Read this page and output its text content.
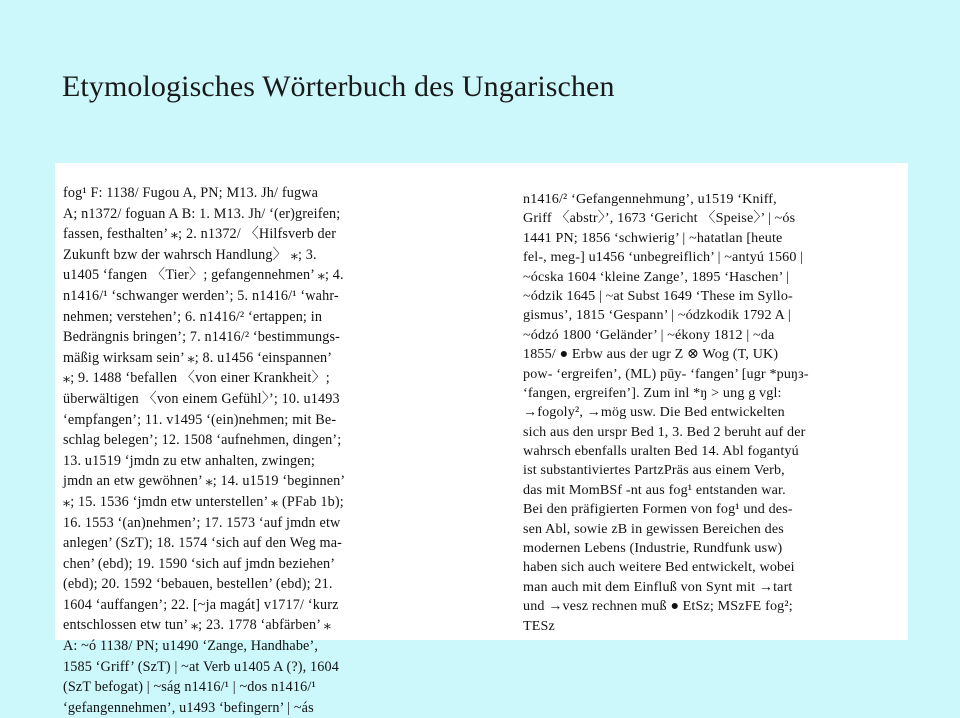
Etymologisches Wörterbuch des Ungarischen
fog¹ F: 1138/ Fugou A, PN; M13. Jh/ fugwa
A; n1372/ foguan A B: 1. M13. Jh/ ‘(er)greifen;
fassen, festhalten’ ⁎; 2. n1372/ 〈Hilfsverb der
Zukunft bzw der wahrsch Handlung〉 ⁎; 3.
u1405 ‘fangen 〈Tier〉; gefangennehmen’ ⁎; 4.
n1416/¹ ‘schwanger werden’; 5. n1416/¹ ‘wahr-
nehmen; verstehen’; 6. n1416/² ‘ertappen; in
Bedrängnis bringen’; 7. n1416/² ‘bestimmungs-
mäßig wirksam sein’ ⁎; 8. u1456 ‘einspannen’
⁎; 9. 1488 ‘befallen 〈von einer Krankheit〉;
überwältigen 〈von einem Gefühl〉’; 10. u1493
‘empfangen’; 11. v1495 ‘(ein)nehmen; mit Be-
schlag belegen’; 12. 1508 ‘aufnehmen, dingen’;
13. u1519 ‘jmdn zu etw anhalten, zwingen;
jmdn an etw gewöhnen’ ⁎; 14. u1519 ‘beginnen’
⁎; 15. 1536 ‘jmdn etw unterstellen’ ⁎ (PFab 1b);
16. 1553 ‘(an)nehmen’; 17. 1573 ‘auf jmdn etw
anlegen’ (SzT); 18. 1574 ‘sich auf den Weg ma-
chen’ (ebd); 19. 1590 ‘sich auf jmdn beziehen’
(ebd); 20. 1592 ‘bebauen, bestellen’ (ebd); 21.
1604 ‘auffangen’; 22. [~ja magát] v1717/ ‘kurz
entschlossen etw tun’ ⁎; 23. 1778 ‘abfärben’ ⁎
A: ~ó 1138/ PN; u1490 ‘Zange, Handhabe’,
1585 ‘Griff’ (SzT) | ~at Verb u1405 A (?), 1604
(SzT befogat) | ~ság n1416/¹ | ~dos n1416/¹
‘gefangennehmen’, u1493 ‘befingern’ | ~ás
n1416/² ‘Gefangennehmung’, u1519 ‘Kniff,
Griff 〈abstr〉’, 1673 ‘Gericht 〈Speise〉’ | ~ós
1441 PN; 1856 ‘schwierig’ | ~hatatlan [heute
fel-, meg-] u1456 ‘unbegreiflich’ | ~antyú 1560 |
~ócska 1604 ‘kleine Zange’, 1895 ‘Haschen’ |
~ódzik 1645 | ~at Subst 1649 ‘These im Syllo-
gismus’, 1815 ‘Gespann’ | ~ódzkodik 1792 A |
~ódzó 1800 ‘Geländer’ | ~ékony 1812 | ~da
1855/ ● Erbw aus der ugr Z ⊗ Wog (T, UK)
pow- ‘ergreifen’, (ML) pūy- ‘fangen’ [ugr *puŋз-
‘fangen, ergreifen’]. Zum inl *ŋ > ung g vgl:
→fogoly², →mög usw. Die Bed entwickelten
sich aus den urspr Bed 1, 3. Bed 2 beruht auf der
wahrsch ebenfalls uralten Bed 14. Abl fogantyú
ist substantiviertes PartzPräs aus einem Verb,
das mit MomBSf -nt aus fog¹ entstanden war.
Bei den präfigierten Formen von fog¹ und des-
sen Abl, sowie zB in gewissen Bereichen des
modernen Lebens (Industrie, Rundfunk usw)
haben sich auch weitere Bed entwickelt, wobei
man auch mit dem Einfluß von Synt mit →tart
und →vesz rechnen muß ● EtSz; MSzFE fog²;
TESz
